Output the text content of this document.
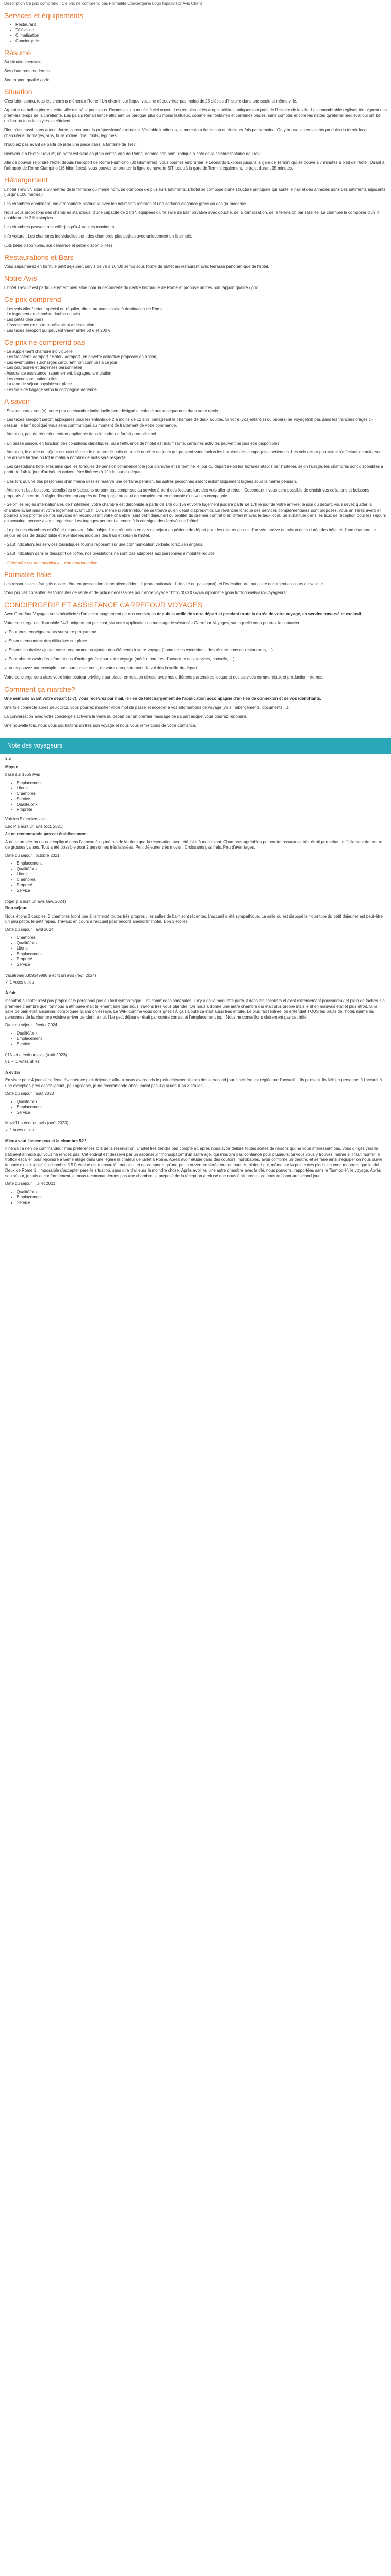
Description Ce prix comprend : Ce prix ne comprend pas Formalité Conciergerie Logo tripadvisor Avis Client

Services et équipements
• Restaurant
• Télévision
• Climatisation
• Conciergerie
Résumé

Sa situation centrale

Ses chambres modernes

Son rapport qualité / prix

Situation

C'est bien connu, tous les chemins mènent à Rome ! Un chemin sur lequel vous ne découvrirez pas moins de 28 siècles d'histoire dans une seule et même ville.

Arpenter de belles pierres, cette ville est bâtie pour vous. Romes est un musée à ciel ouvert. Les temples et les amphithéâtres antiques tout près de l'histoire de la ville. Les innombrables églises témoignent des premiers temps de la chrétienté. Les palais Renaissance affichent un baroque plus ou moins fastueux, comme les fontaines et certaines places, sans compter encore les nattes qu'éterne médiéval qui ont bel un lieu où tous les styles se côtoient.

Rien n'est aussi, sans aucun doute, conçu pour la (re)passionnée romaine. Véritable institution, le mercato a fleuraison et plusieurs fois par semaine. On y trouve les excellents produits du terroir local : charcuterie, fromages, vins, huile d'olive, miel, fruits, légumes.

N'oubliez pas avant de partir de jeter une pièce dans la fontaine de Trévi !

Bienvenue à l'Hôtel Trevi 3*, un hôtel est situé en plein centre-ville de Rome, comme son nom l'indique à côté de la célèbre fontaine de Trevi.

Afin de pouvoir rejoindre l'hôtel depuis l'aéroport de Rome Fiumicino (30 kilomètres), vous pourrez emprunter le Leonardo Express jusqu'à la gare de Termini qui se trouve à 7 minutes à pied de l'hôtel. Quant à l'aéroport de Rome Ciampino (16 kilomètres), vous pouvez emprunter la ligne de navette SIT jusqu'à la gare de Termini également, le trajet durant 35 minutes.

Hébergement

L'hôtel Trevi 3*, situé à 50 mètres de la fontaine du même nom, se compose de plusieurs bâtiments. L'hôtel se compose d'une structure principale qui abrite le hall et des annexes dans des bâtiments adjacents. (jusqu'à 100 mètres.)

Les chambres combinent une atmosphère historique avec les bâtiments romains et une certaine élégance grâce au design moderne.

Nous vous proposons des chambres standards, d'une capacité de 2 lits*, équipées d'une salle de bain privative avec douche, de la climatisation, de la télévision par satellite. La chambre le composer d'un lit double ou de 2 lits simples.

Les chambres peuvent accueillir jusqu'à 4 adultes maximum.

Info voiture : Les chambres individuelles sont des chambres plus petites avec uniquement un lit simple.

(Lits bébé disponibles, sur demande et selon disponibilités)

Restaurations et Bars

Vous séjournerez en formule petit déjeuner, servis de 7h à 10h30 servis sous forme de buffet au restaurant avec terrasse panoramique de l'hôtel.

Notre Avis

L'hôtel Trevi 3* est particulièrement bien situé pour la découverte du centre historique de Rome et propose un très bon rapport qualité / prix.

Ce prix comprend

- Les vols aller / retour spécial ou régulier, direct ou avec escale à destination de Rome
- Le logement en chambre double ou twin
- Les petits déjeuners
- L'assistance de notre représentant à destination
- Les taxes aéroport qui peuvent varier entre 50 € et 200 €

Ce prix ne comprend pas

- Le supplément chambre individuelle
- Les transferts aéroport / Hôtel / aéroport (en navette collective proposés en option)
- Les éventuelles surcharges carburant non connues à ce jour
- Les pourboires et dépenses personnelles
- Assurance assistance, rapatriement, bagages, annulation
- Les excursions optionnelles
- La taxe de séjour payable sur place
- Les frais de bagage selon la compagnie aérienne

A savoir

- Si vous partez seul(e), votre prix en chambre individuelle sera désigné et calculé automatiquement dans votre devis.

- Les taxes aéroport seront appliquées pour les enfants de 2 à moins de 12 ans, partageant la chambre de deux adultes. Si votre (vos)enfant(s) ou bébé(s) ne voyage(nt) pas dans les tranches d'âges ci-dessus, le tarif appliqué vous sera communiqué au moment de traitement de votre commande.

- Attention, pas de réduction enfant applicable dans le cadre de forfait promotionnel.

- En basse saison, en fonction des conditions climatiques, ou à l'affluence de l'hôtel est insuffisante, certaines activités peuvent ne pas être disponibles.

- Attention, le durée du séjour est calculée sur le nombre de nuits et non le nombre de jours qui peuvent varier selon les horaires des compagnies aériennes. Les vols retour pourraient s'effectuer de nuit avec une arrivée tardive ou tôt le matin à nombre de nuits sera respecté.

- Les prestations hôtelières ainsi que les formules de pension commencent le jour d'arrivée et se termine le jour du départ selon les horaires établis par l'hôtelier, selon l'usage, les chambres sont disponibles à partir de 14h le jour d'arrivée et doivent être libérées à 12h le jour du départ.

- Dès lors qu'une des personnes d'un même dossier réserve une certaine pension, les autres personnes seront automatiquement logées sous la même pension.

- Attention : Les boissons alcoolisées et boissons ne sont pas comprises au service à bord des lecteurs lors des vols aller et retour. Cependant il vous sera possible de choisir vos collations et boissons proposés à la carte, à régler directement auprès de l'équipage ou celui du complément en monnaie d'un vol en compagnie.

- Selon les règles internationales de l'hôtellerie, votre chambre est disponible à partir de 14h ou 15h et votre logement jusqu'à partir de 17h le jour de votre arrivée, le jour du départ, vous devez quitter la chambre avant midi et votre logement avant 10 h, 10h, même si votre retour ne se trouve qu'en début d'après-midi. En revanche lorsque des services complémentaires sont proposés, vous en serez averti et pourrez alors profiter de nos services en reconduisant votre chambre (sauf petit déjeuner) ou profiter du premier contrat bien différent avec le taux local. Se substituer dans les taux de réception pour les séjours en semaine, pensez à vous organiser. Les bagages pourront attendre à la consigne dès l'arrivée de l'hôtel.

- Le prix des chambres et d'hôtel ne pouvant faire l'objet d'une réduction en cas de séjour en période de départ pour les retours en cas d'arrivée tardive en raison de la durée des hôtel et d'une chambre, le séjour en cas de disponibilité et éventuelles indiqués des frais et selon la l'hôtel.

- Sauf indication, les services touristiques fournis reposent sur une communication verbale, lorsqu'en anglais.

- Sauf indication dans le descriptif de l'offre, nos prestations ne sont pas adaptées aux personnes à mobilité réduite.

- Cette offre est non modifiable - non remboursable

Formalité Italie

Les ressortissants français doivent être en possession d'une pièce d'identité (carte nationale d'identité ou passeport), et l'exécution de tout autre document en cours de validité.

Vous pouvez consulter les formalités de santé et de police nécessaires pour votre voyage : http://XXXXXwww.diplomatie.gouv.fr/fr/conseils-aux-voyageurs/

CONCIERGERIE ET ASSISTANCE CARREFOUR VOYAGES

Avec Carrefour Voyages vous bénéficiez d'un accompagnement de nos concierges depuis la veille de votre départ et pendant toute la durée de votre voyage, en service traversé et exclusif.

Votre concierge est disponible 24/7 uniquement par chat, via votre application de messagerie sécurisée Carrefour Voyages, sur laquelle vous pourrez le contacter :

✓ Pour tous renseignements sur votre programme.

✓ Si vous rencontrez des difficultés sur place.

✓ Si vous souhaitez ajouter votre programme ou ajouter des éléments à votre voyage (comme des excursions, des réservations de restaurants, ...)

✓ Pour obtenir avoir des informations d'ordre général sur votre voyage (météo, horaires d'ouverture des services, conseils, ...)

✓ Vous pouvez par exemple, tous jours poser vous, de votre enregistrement de vol dès la veille du départ.

Votre concierge sera alors votre interlocuteur privilégié sur place, en relation directe avec nos différents partenaires locaux et nos services commerciaux et production internes.

Comment ça marche?

Une semaine avant votre départ (J-7), vous recevrez par mail, le lien de téléchargement de l'application accompagné d'un lien de connexion et de vos identifiants.

Une fois connecté après deux clics, vous pourrez modifier votre mot de passe et accéder à vos informations de voyage (vols, hébergements, documents,...).

La conversation avec votre concierge s'activera la veille du départ par un premier message de sa part auquel vous pourrez répondre.

Une nouvelle fois, nous vous souhaitons un très bon voyage et nous vous remercions de votre confiance.

Note des voyageurs

3.5

Moyen

basé sur 1556 Avis

• Emplacement
• Literie
• Chambres
• Service
• Qualité/prix
• Propreté

Voir les 5 derniers avis

Eric P a écrit un avis (oct. 2021)

Je ne recommande pas cet établissement.

À notre arrivée on nous a expliqué dans l'annexe à qq mètres de là alors que la réservation avait été faite à mon avant. Chambres agréables par contre assurance très étroit permettant difficilement de mettre de grosses valises. Tout a été possible pour 2 personnes très laissées. Petit déjeuner très moyen. Croissants pas frais. Peu d'avantages.

Date du séjour : octobre 2021

• Emplacement
• Qualité/prix
• Literie
• Chambres
• Propreté
• Service

roger p a écrit un avis (avr. 2024)

Bon séjour

Nous étions 3 couples, 3 chambres (dont une à l'annexe) toutes très propres , les salles de bain sont récentes. L'accueil a été sympathique. La salle ou est disposé la nourriture du petit déjeuner est peut-être un peu petite, le petit repas. Travaux en cours à l'accueil pour encore améliorer l'hôtel. Bon 3 étoiles

Date du séjour : avril 2024

• Chambres
• Qualité/prix
• Literie
• Emplacement
• Propreté
• Service

Vacationer6309349988 a écrit un avis (févr. 2024)

✓ 1 votes utiles

À fuir !

Inconfort à l'hôtel n'est pas propre et le personnel pas du tout sympathique. Les commodes sont sales, il n'y a de la moquette partout dans les escaliers et c'est extrêmement poussiéreux et plein de taches. La première chambre que l'on nous a attribuée était tellement sale que nous n'avons très vous plaindre. On nous a donné une autre chambre qui était plus propre mais le lit en mauvais état et plus étroit. Si la salle de bain était ancienne, compliquée quand on essaye. Le WiFi comme vous consignez ! À ça s'ajoute ça était aussi très étroite. Le plus fait l'entrée, on entendait TOUS les bruits de l'hôtel, même les personnes de la chambre voisine arriver pendant la nuit ! Le petit déjeuner était par contre correct et l'emplacement top ! Nous ne conseillons clairement pas cet hôtel.

Date du séjour : février 2024

• Qualité/prix
• Emplacement
• Service

01Nilet a écrit un avis (août 2023)

01 ✓ 1 votes utiles

A éviter

En visite pour 4 jours Une fente évacuée ce petit déjeuner affreux nous avons pris le petit déjeuner ailleurs dès le second jour. La chère est réglée par l'accueil ... ils pensent. Ils ©® Un personnel à l'accueil à une exception près désobligeant, peu agréable, je ne recommande absolument pas 3 à si rien 4 on 3 étoiles

Date du séjour : août 2023

• Qualité/prix
• Emplacement
• Service

Mazk11 a écrit un avis (août 2023)

✓ 1 votes utiles

Mieux vaut l'ascenseur et la chambre 52 !

Il ne sait à rien de commandeur mes préférences lors de la réservation. L'hôtel très tiendra pas compte et, après nous avoir délibré toutes sortes de raisons qui ne vous intéressent pas, vous dirigez vers le bâtiment annexe qui vous ne rendez pas. Cet endroit est desservi par un ascenseur "monospace" d'un autre âge, qui n'inspire pas confiance pour plusieurs. Si vous vous y trouvez, même si il faut monter le trottoir escalier pour rejoindre à 5ème étage dans une légère la chaleur de juillet à Rome. Après avoir étudié dans des couloirs improbables, avoir contorné un théâtre, et se faire ainsi s'équiper on nous ouvre la porte d'un "rugbie" (la chambre 5.51) évalué est mansardé, tout petit, et ne comporte qu'une petite ouverture vitrée tout en haut du plafond qui, même sur la pointe des pieds, ne vous montrera que le ciel. Deux de Rome 1 : impossible d'accepter pareille situation, sans dire d'ailleurs la moindre chose. Après avoir vu une autre chambre avec la clé, nous pouvons, rapportées sans le "bambolé", le voyage. Après son séjour, je suis et conformément, et nous recommanderons pas une chambre, le préposé de la réception à refusé que nous était promis, ce nous refusant au second jour.

Date du séjour : juillet 2023

• Qualité/prix
• Emplacement
• Service
